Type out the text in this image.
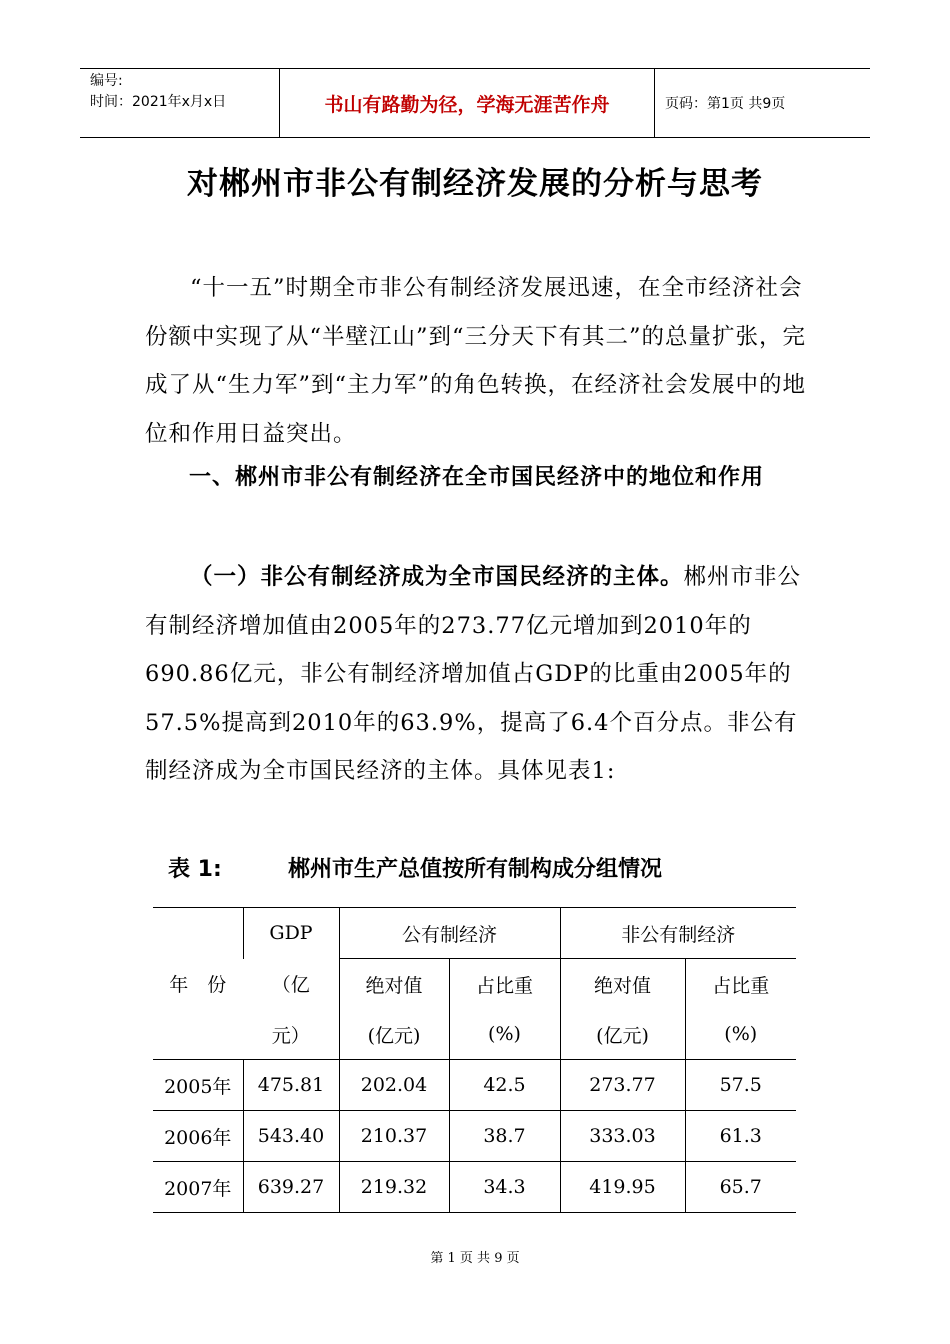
编号:
时间：2021年x月x日	书山有路勤为径，学海无涯苦作舟	页码：第1页 共9页
对郴州市非公有制经济发展的分析与思考
“十一五”时期全市非公有制经济发展迅速，在全市经济社会份额中实现了从“半壁江山”到“三分天下有其二”的总量扩张，完成了从“生力军”到“主力军”的角色转换，在经济社会发展中的地位和作用日益突出。
一、郴州市非公有制经济在全市国民经济中的地位和作用
（一）非公有制经济成为全市国民经济的主体。郴州市非公有制经济增加值由2005年的273.77亿元增加到2010年的690.86亿元，非公有制经济增加值占GDP的比重由2005年的57.5%提高到2010年的63.9%，提高了6.4个百分点。非公有制经济成为全市国民经济的主体。具体见表1:
表 1:	郴州市生产总值按所有制构成分组情况
年　份	GDP	公有制经济		非公有制经济	
	（亿	绝对值	占比重	绝对值	占比重
	元）	(亿元)	(%)	(亿元)	(%)
2005年	475.81	202.04	42.5	273.77	57.5
2006年	543.40	210.37	38.7	333.03	61.3
2007年	639.27	219.32	34.3	419.95	65.7
第 1 页 共 9 页
